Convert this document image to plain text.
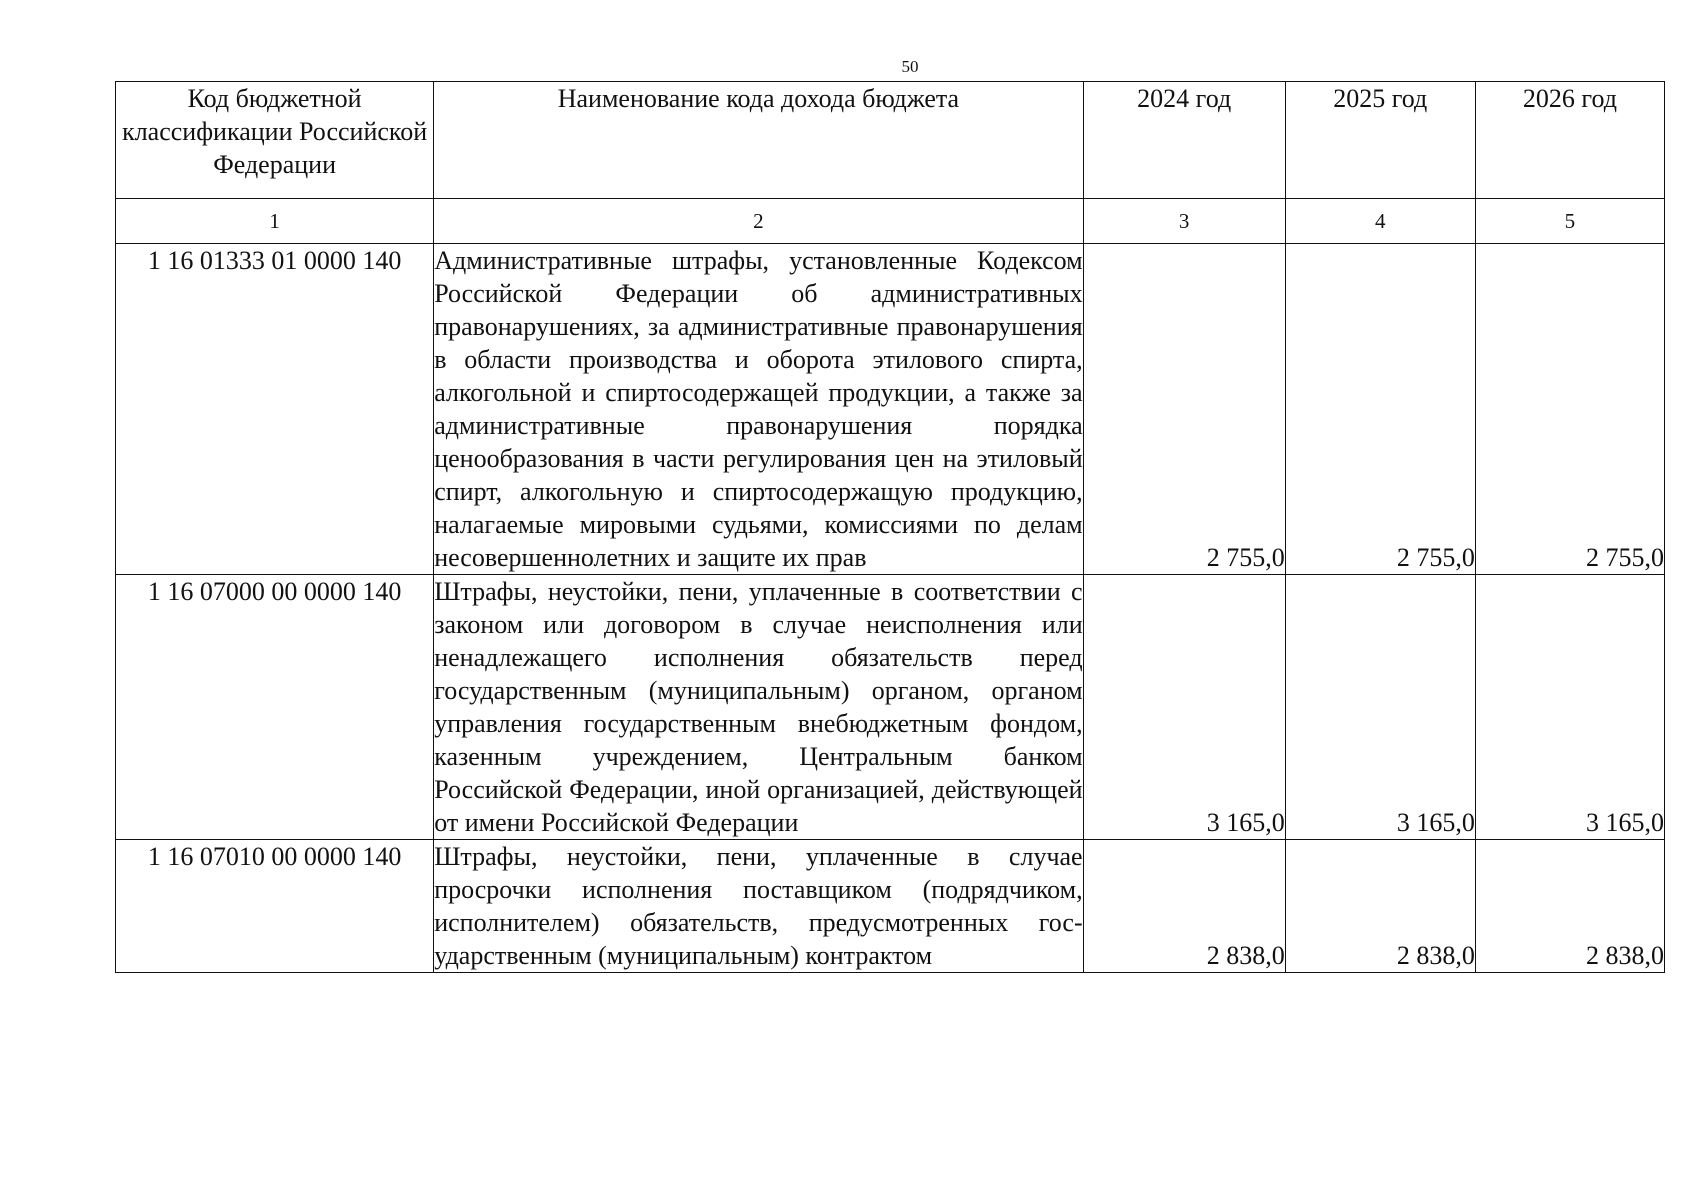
50
Код бюджетной классификации Российской Федерации	Наименование кода дохода бюджета	2024 год	2025 год	2026 год
1	2	3	4	5
1 16 01333 01 0000 140	Административные штрафы, установленные Кодексом Российской Федерации об административных правонарушениях, за административные правонарушения в области производства и оборота этилового спирта, алкогольной и спиртосодержащей продукции, а также за административные правонарушения порядка ценообразования в части регулирования цен на этиловый спирт, алкогольную и спиртосодержащую продукцию, налагаемые мировыми судьями, комиссиями по делам несовершеннолетних и защите их прав	2 755,0	2 755,0	2 755,0
1 16 07000 00 0000 140	Штрафы, неустойки, пени, уплаченные в соответствии с законом или договором в случае неисполнения или ненадлежащего исполнения обязательств перед государственным (муниципальным) органом, органом управления государственным внебюджетным фондом, казенным учреждением, Центральным банком Российской Федерации, иной организацией, действующей от имени Российской Федерации	3 165,0	3 165,0	3 165,0
1 16 07010 00 0000 140	Штрафы, неустойки, пени, уплаченные в случае просрочки исполнения поставщиком (подрядчиком, исполнителем) обязательств, предусмотренных государственным (муниципальным) контрактом	2 838,0	2 838,0	2 838,0
